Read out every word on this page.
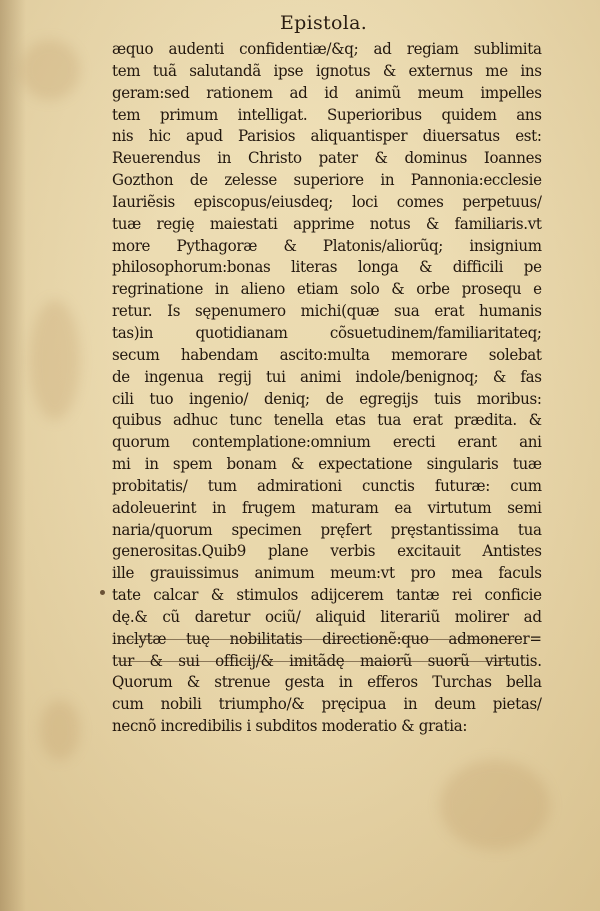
Epistola.
æquo audenti confidentiæ/&q; ad regiam sublimita
tem tuã salutandã ipse ignotus & externus me ins
geram:sed rationem ad id animũ meum impelles
tem primum intelligat. Superioribus quidem ans
nis hic apud Parisios aliquantisper diuersatus est:
Reuerendus in Christo pater & dominus Ioannes
Gozthon de zelesse superiore in Pannonia:ecclesie
Iauriẽsis episcopus/eiusdeq; loci comes perpetuus/
tuæ regię maiestati apprime notus & familiaris.vt
more Pythagoræ & Platonis/aliorũq; insignium
philosophorum:bonas literas longa & difficili pe
regrinatione in alieno etiam solo & orbe prosequ e
retur. Is sępenumero michi(quæ sua erat humanis
tas)in quotidianam cõsuetudinem/familiaritateq;
secum habendam ascito:multa memorare solebat
de ingenua regij tui animi indole/benignoq; & fas
cili tuo ingenio/ deniq; de egregijs tuis moribus:
quibus adhuc tunc tenella etas tua erat prædita. &
quorum contemplatione:omnium erecti erant ani
mi in spem bonam & expectatione singularis tuæ
probitatis/ tum admirationi cunctis futuræ: cum
adoleuerint in frugem maturam ea virtutum semi
naria/quorum specimen pręfert pręstantissima tua
generositas.Quib9 plane verbis excitauit Antistes
ille grauissimus animum meum:vt pro mea faculs
tate calcar & stimulos adijcerem tantæ rei conficie
dę.& cũ daretur ociũ/ aliquid literariũ molirer ad
inclytæ tuę nobilitatis directionẽ:quo admonerer=
tur & sui officij/& imitãdę maiorũ suorũ virtutis.
Quorum & strenue gesta in efferos Turchas bella
cum nobili triumpho/& pręcipua in deum pietas/
necnõ incredibilis i subditos moderatio & gratia:
